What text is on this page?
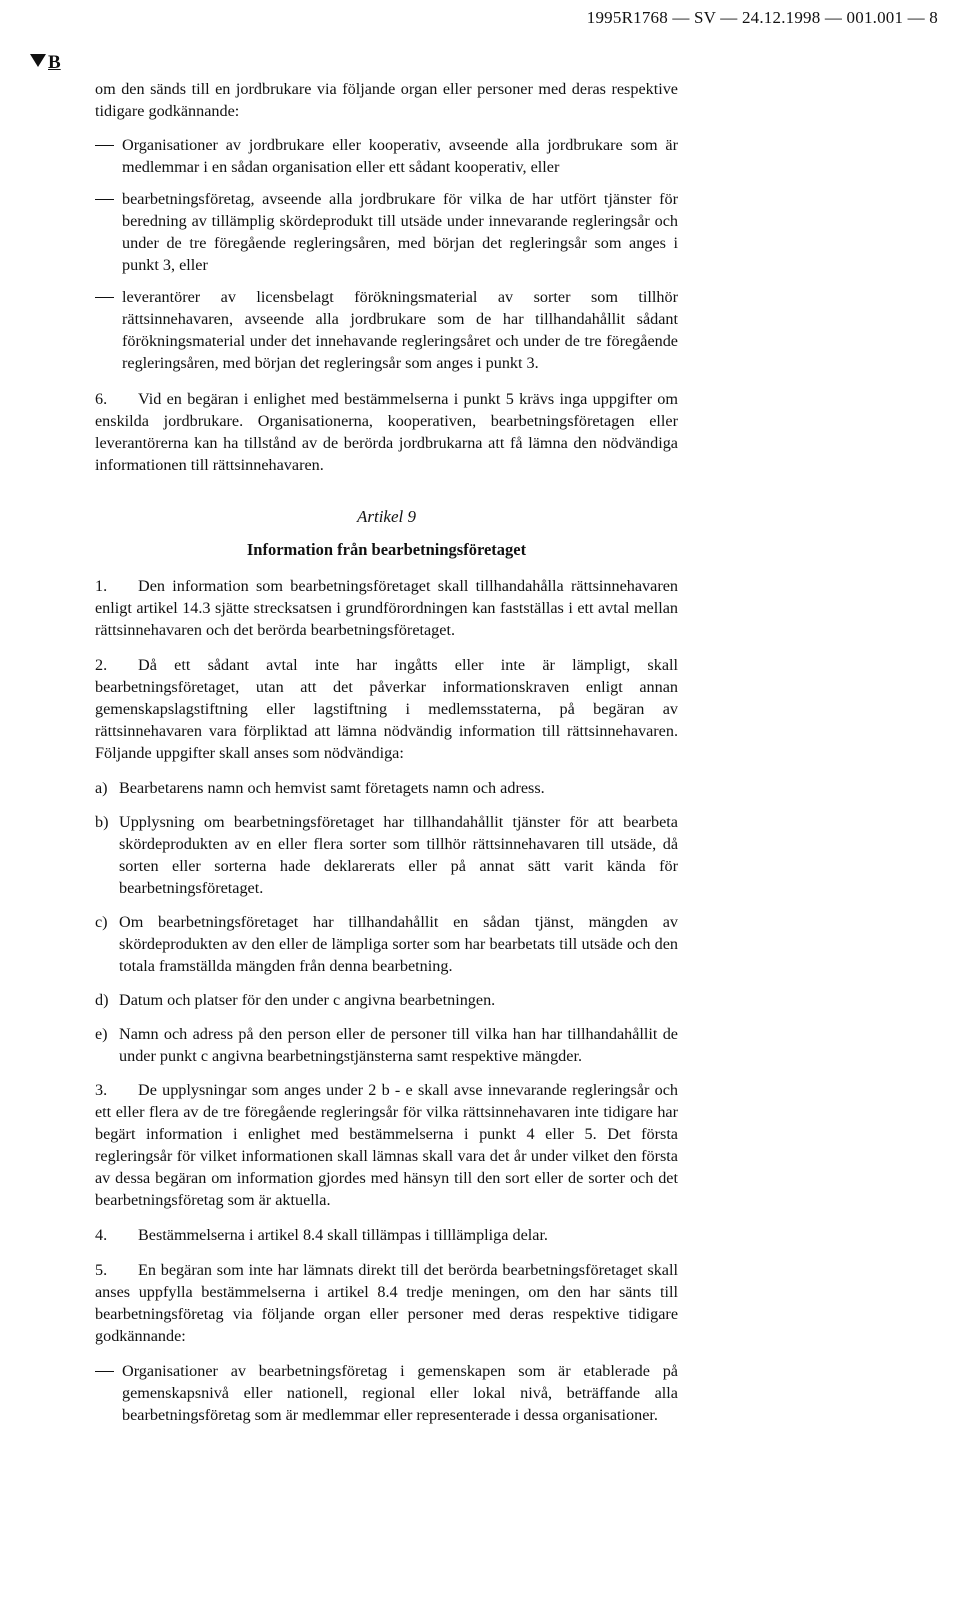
1995R1768 — SV — 24.12.1998 — 001.001 — 8
B

om den sänds till en jordbrukare via följande organ eller personer med deras respektive tidigare godkännande:

Organisationer av jordbrukare eller kooperativ, avseende alla jordbrukare som är medlemmar i en sådan organisation eller ett sådant kooperativ, eller
bearbetningsföretag, avseende alla jordbrukare för vilka de har utfört tjänster för beredning av tillämplig skördeprodukt till utsäde under innevarande regleringsår och under de tre föregående regleringsåren, med början det regleringsår som anges i punkt 3, eller
leverantörer av licensbelagt förökningsmaterial av sorter som tillhör rättsinnehavaren, avseende alla jordbrukare som de har tillhandahållit sådant förökningsmaterial under det innehavande regleringsåret och under de tre föregående regleringsåren, med början det regleringsår som anges i punkt 3.

6. Vid en begäran i enlighet med bestämmelserna i punkt 5 krävs inga uppgifter om enskilda jordbrukare. Organisationerna, kooperativen, bearbetningsföretagen eller leverantörerna kan ha tillstånd av de berörda jordbrukarna att få lämna den nödvändiga informationen till rättsinnehavaren.

Artikel 9
Information från bearbetningsföretaget

1. Den information som bearbetningsföretaget skall tillhandahålla rättsinnehavaren enligt artikel 14.3 sjätte strecksatsen i grundförordningen kan fastställas i ett avtal mellan rättsinnehavaren och det berörda bearbetningsföretaget.

2. Då ett sådant avtal inte har ingåtts eller inte är lämpligt, skall bearbetningsföretaget, utan att det påverkar informationskraven enligt annan gemenskapslagstiftning eller lagstiftning i medlemsstaterna, på begäran av rättsinnehavaren vara förpliktad att lämna nödvändig information till rättsinnehavaren. Följande uppgifter skall anses som nödvändiga:

a) Bearbetarens namn och hemvist samt företagets namn och adress.
b) Upplysning om bearbetningsföretaget har tillhandahållit tjänster för att bearbeta skördeprodukten av en eller flera sorter som tillhör rättsinnehavaren till utsäde, då sorten eller sorterna hade deklarerats eller på annat sätt varit kända för bearbetningsföretaget.
c) Om bearbetningsföretaget har tillhandahållit en sådan tjänst, mängden av skördeprodukten av den eller de lämpliga sorter som har bearbetats till utsäde och den totala framställda mängden från denna bearbetning.
d) Datum och platser för den under c angivna bearbetningen.
e) Namn och adress på den person eller de personer till vilka han har tillhandahållit de under punkt c angivna bearbetningstjänsterna samt respektive mängder.

3. De upplysningar som anges under 2 b - e skall avse innevarande regleringsår och ett eller flera av de tre föregående regleringsår för vilka rättsinnehavaren inte tidigare har begärt information i enlighet med bestämmelserna i punkt 4 eller 5. Det första regleringsår för vilket informationen skall lämnas skall vara det år under vilket den första av dessa begäran om information gjordes med hänsyn till den sort eller de sorter och det bearbetningsföretag som är aktuella.

4. Bestämmelserna i artikel 8.4 skall tillämpas i tilllämpliga delar.

5. En begäran som inte har lämnats direkt till det berörda bearbetningsföretaget skall anses uppfylla bestämmelserna i artikel 8.4 tredje meningen, om den har sänts till bearbetningsföretag via följande organ eller personer med deras respektive tidigare godkännande:

Organisationer av bearbetningsföretag i gemenskapen som är etablerade på gemenskapsnivå eller nationell, regional eller lokal nivå, beträffande alla bearbetningsföretag som är medlemmar eller representerade i dessa organisationer.
